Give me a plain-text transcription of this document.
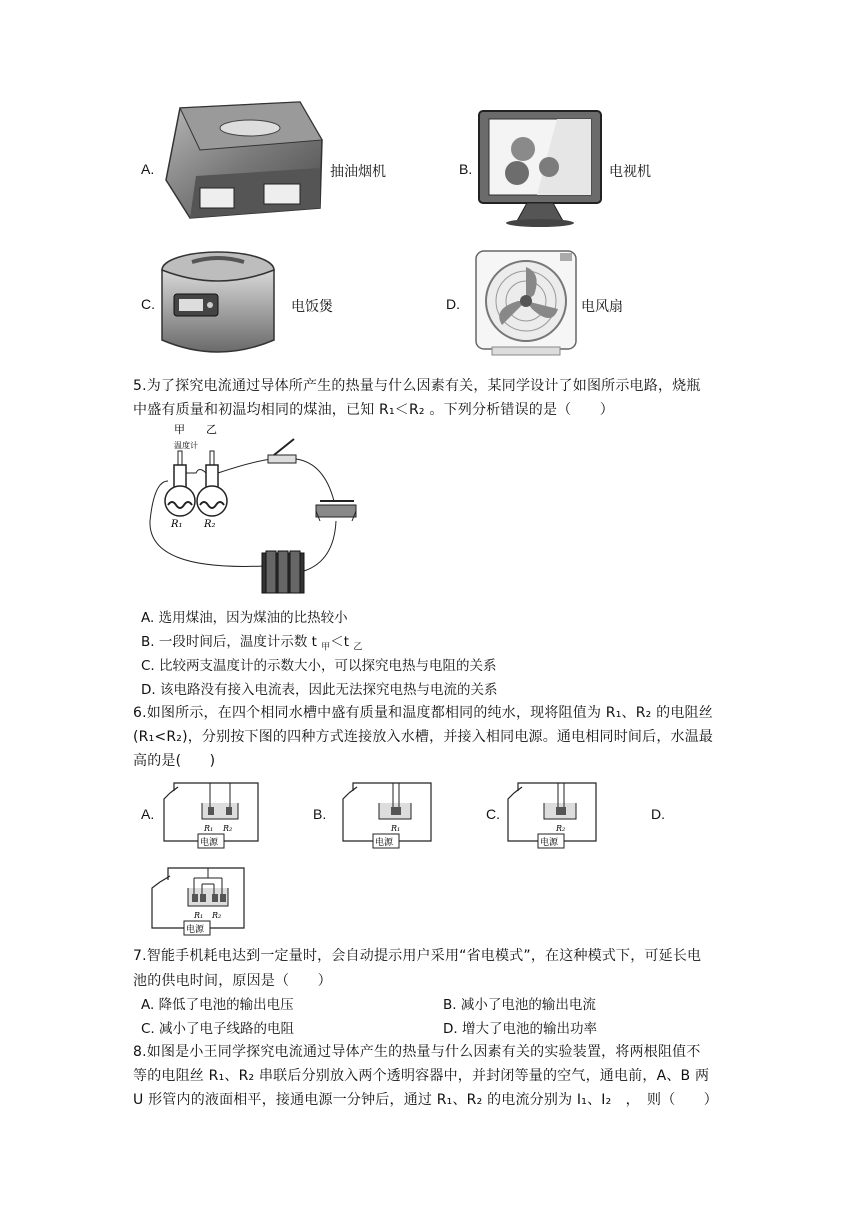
A.	抽油烟机	B.	电视机
C.	电饭煲	D.	电风扇
5.为了探究电流通过导体所产生的热量与什么因素有关，某同学设计了如图所示电路，烧瓶
中盛有质量和初温均相同的煤油，已知 R₁＜R₂ 。下列分析错误的是（　　）
甲 乙
温度计
R₁ R₂
A. 选用煤油，因为煤油的比热较小
B. 一段时间后，温度计示数 t $_甲$＜t $_乙$
C. 比较两支温度计的示数大小，可以探究电热与电阻的关系
D. 该电路没有接入电流表，因此无法探究电热与电流的关系
6.如图所示，在四个相同水槽中盛有质量和温度都相同的纯水，现将阻值为 R₁、R₂ 的电阻丝
(R₁<R₂)，分别按下图的四种方式连接放入水槽，并接入相同电源。通电相同时间后，水温最
高的是(　　)
A.	B.	C.	D.
电源
R₁ R₂
电源
R₁
电源
R₂
电源
R₁ R₂
7.智能手机耗电达到一定量时，会自动提示用户采用“省电模式”，在这种模式下，可延长电
池的供电时间，原因是（　　）
A. 降低了电池的输出电压	B. 减小了电池的输出电流
C. 减小了电子线路的电阻	D. 增大了电池的输出功率
8.如图是小王同学探究电流通过导体产生的热量与什么因素有关的实验装置，将两根阻值不
等的电阻丝 R₁、R₂ 串联后分别放入两个透明容器中，并封闭等量的空气，通电前，A、B 两
U 形管内的液面相平，接通电源一分钟后，通过 R₁、R₂ 的电流分别为 I₁、I₂　，　则（　　）
